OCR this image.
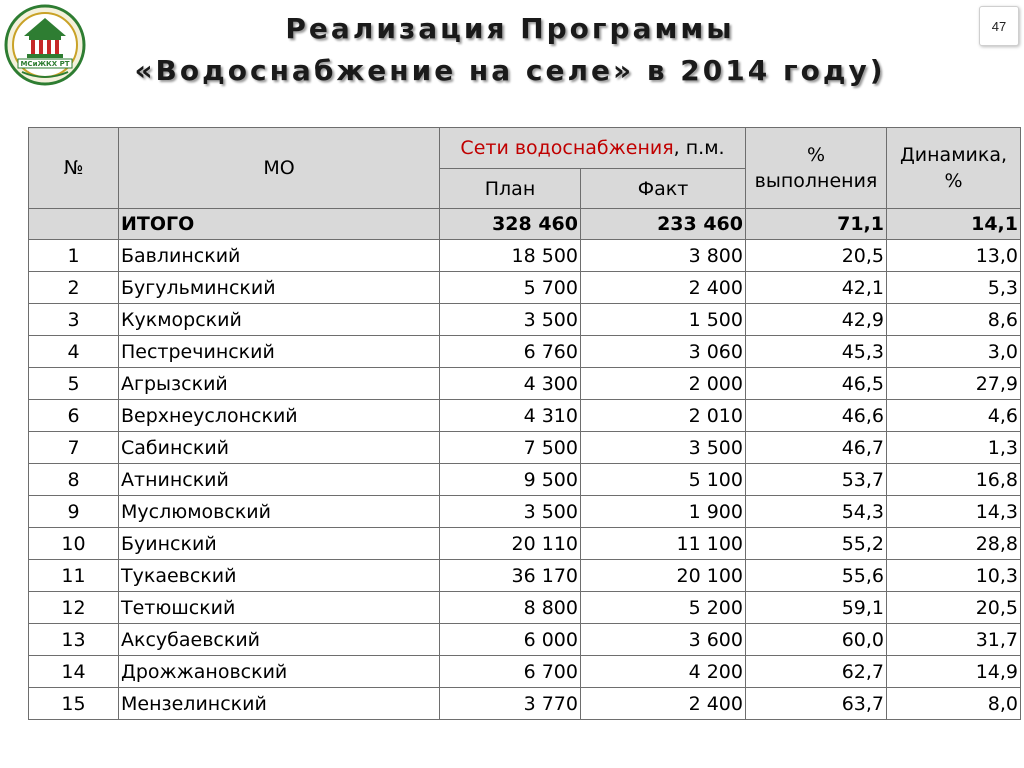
МСиЖКХ РТ
Реализация Программы
«Водоснабжение на селе» в 2014 году)
47
№	МО	Сети водоснабжения, п.м.		% выполнения	Динамика, %
		План	Факт		
	ИТОГО	328 460	233 460	71,1	14,1
1	Бавлинский	18 500	3 800	20,5	13,0
2	Бугульминский	5 700	2 400	42,1	5,3
3	Кукморский	3 500	1 500	42,9	8,6
4	Пестречинский	6 760	3 060	45,3	3,0
5	Агрызский	4 300	2 000	46,5	27,9
6	Верхнеуслонский	4 310	2 010	46,6	4,6
7	Сабинский	7 500	3 500	46,7	1,3
8	Атнинский	9 500	5 100	53,7	16,8
9	Муслюмовский	3 500	1 900	54,3	14,3
10	Буинский	20 110	11 100	55,2	28,8
11	Тукаевский	36 170	20 100	55,6	10,3
12	Тетюшский	8 800	5 200	59,1	20,5
13	Аксубаевский	6 000	3 600	60,0	31,7
14	Дрожжановский	6 700	4 200	62,7	14,9
15	Мензелинский	3 770	2 400	63,7	8,0
